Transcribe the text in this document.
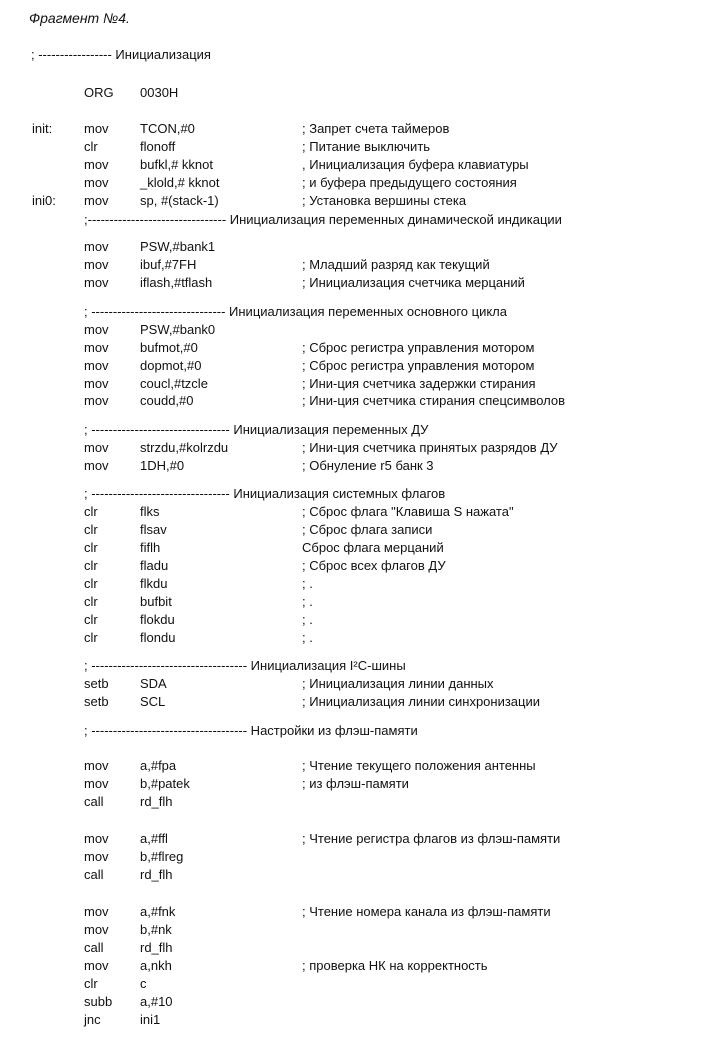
Фрагмент №4.
; ----------------- Инициализация
ORG 0030H
init: mov TCON,#0	; Запрет счета таймеров
clr	flonoff	; Питание выключить
mov bufkl,# kknot	, Инициализация буфера клавиатуры
mov _klold,# kknot	; и буфера предыдущего состояния
ini0: mov sp, #(stack-1)	; Установка вершины стека
;-------------------------------- Инициализация переменных динамической индикации
mov PSW,#bank1
mov ibuf,#7FH	; Младший разряд как текущий
mov iflash,#tflash	; Инициализация счетчика мерцаний
; ------------------------------- Инициализация переменных основного цикла
mov PSW,#bank0
mov bufmot,#0	; Сброс регистра управления мотором
mov dopmot,#0	; Сброс регистра управления мотором
mov coucl,#tzcle	; Ини-ция счетчика задержки стирания
mov coudd,#0	; Ини-ция счетчика стирания спецсимволов
; -------------------------------- Инициализация переменных ДУ
mov strzdu,#kolrzdu	; Ини-ция счетчика принятых разрядов ДУ
mov 1DH,#0	; Обнуление r5 банк 3
; -------------------------------- Инициализация системных флагов
clr	flks	; Сброс флага "Клавиша S нажата"
clr	flsav	; Сброс флага записи
clr	fiflh	Сброс флага мерцаний
clr	fladu	; Сброс всех флагов ДУ
clr	flkdu	; .
clr	bufbit	; .
clr	flokdu	; .
clr	flondu	; .
; ------------------------------------ Инициализация I²C-шины
setb SDA	; Инициализация линии данных
setb SCL	; Инициализация линии синхронизации
; ------------------------------------ Настройки из флэш-памяти
mov a,#fpa	; Чтение текущего положения антенны
mov b,#patek	; из флэш-памяти
call	rd_flh
mov a,#ffl	; Чтение регистра флагов из флэш-памяти
mov b,#flreg
call	rd_flh
mov a,#fnk	; Чтение номера канала из флэш-памяти
mov b,#nk
call	rd_flh
mov a,nkh	; проверка НК на корректность
clr	c
subb a,#10
jnc	ini1
